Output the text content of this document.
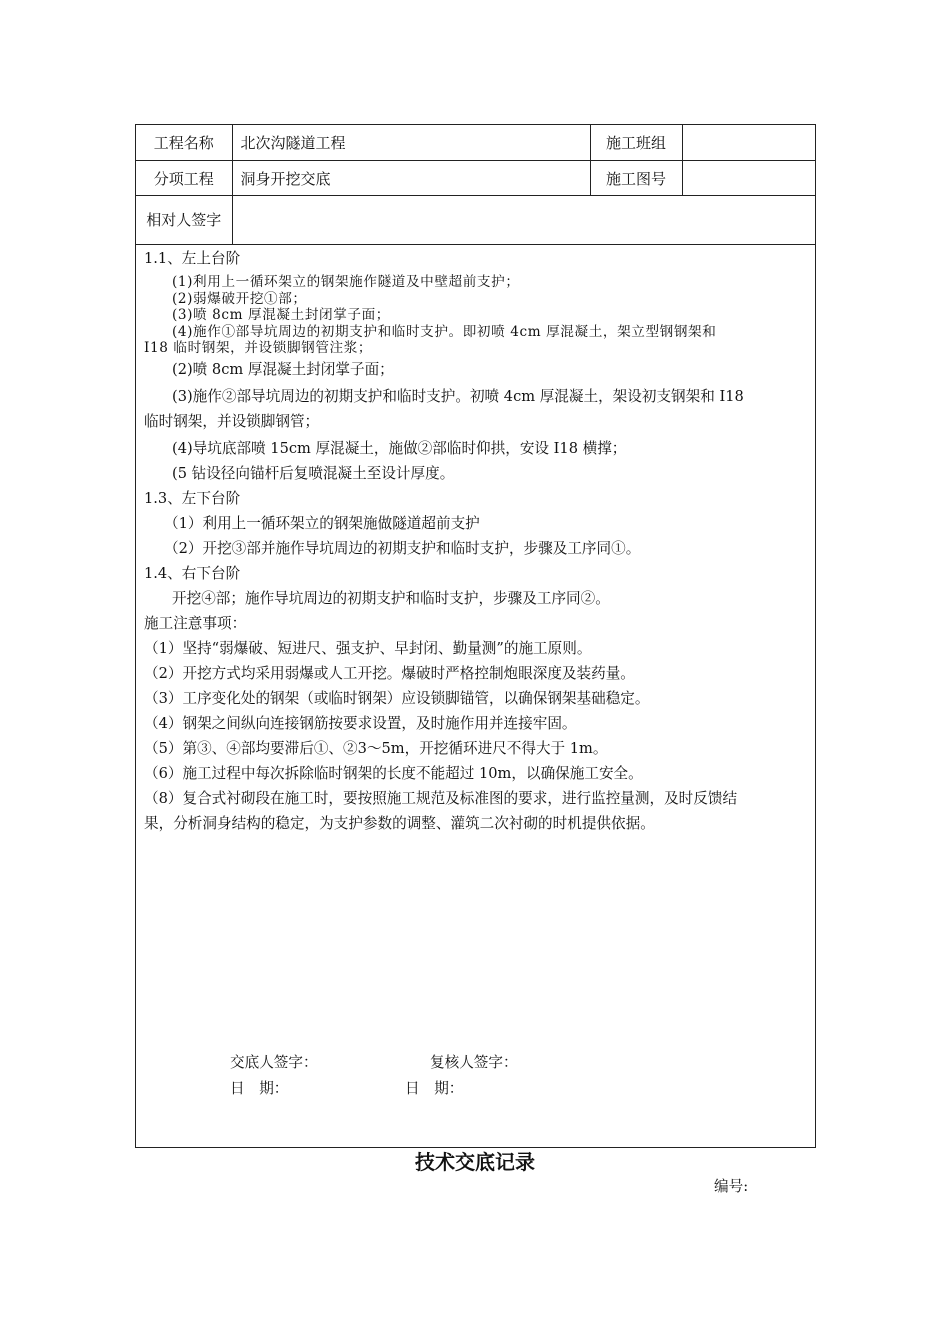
工程名称	北次沟隧道工程	施工班组	
分项工程	洞身开挖交底	施工图号	
相对人签字			

1.1、左上台阶

(1)利用上一循环架立的钢架施作隧道及中壁超前支护；

(2)弱爆破开挖①部；

(3)喷 8cm 厚混凝土封闭掌子面；

(4)施作①部导坑周边的初期支护和临时支护。即初喷 4cm 厚混凝土，架立型钢钢架和

I18 临时钢架，并设锁脚钢管注浆；

(2)喷 8cm 厚混凝土封闭掌子面；

(3)施作②部导坑周边的初期支护和临时支护。初喷 4cm 厚混凝土，架设初支钢架和 I18

临时钢架，并设锁脚钢管；

(4)导坑底部喷 15cm 厚混凝土，施做②部临时仰拱，安设 I18 横撑；

(5 钻设径向锚杆后复喷混凝土至设计厚度。

1.3、左下台阶

（1）利用上一循环架立的钢架施做隧道超前支护

（2）开挖③部并施作导坑周边的初期支护和临时支护，步骤及工序同①。

1.4、右下台阶

开挖④部；施作导坑周边的初期支护和临时支护，步骤及工序同②。

施工注意事项：

（1）坚持“弱爆破、短进尺、强支护、早封闭、勤量测”的施工原则。

（2）开挖方式均采用弱爆或人工开挖。爆破时严格控制炮眼深度及装药量。

（3）工序变化处的钢架（或临时钢架）应设锁脚锚管，以确保钢架基础稳定。

（4）钢架之间纵向连接钢筋按要求设置，及时施作用并连接牢固。

（5）第③、④部均要滞后①、②3～5m，开挖循环进尺不得大于 1m。

（6）施工过程中每次拆除临时钢架的长度不能超过 10m，以确保施工安全。

（8）复合式衬砌段在施工时，要按照施工规范及标准图的要求，进行监控量测，及时反馈结

果，分析洞身结构的稳定，为支护参数的调整、灌筑二次衬砌的时机提供依据。

交底人签字：	复核人签字：
日　期：	日　期：
技术交底记录
编号:
